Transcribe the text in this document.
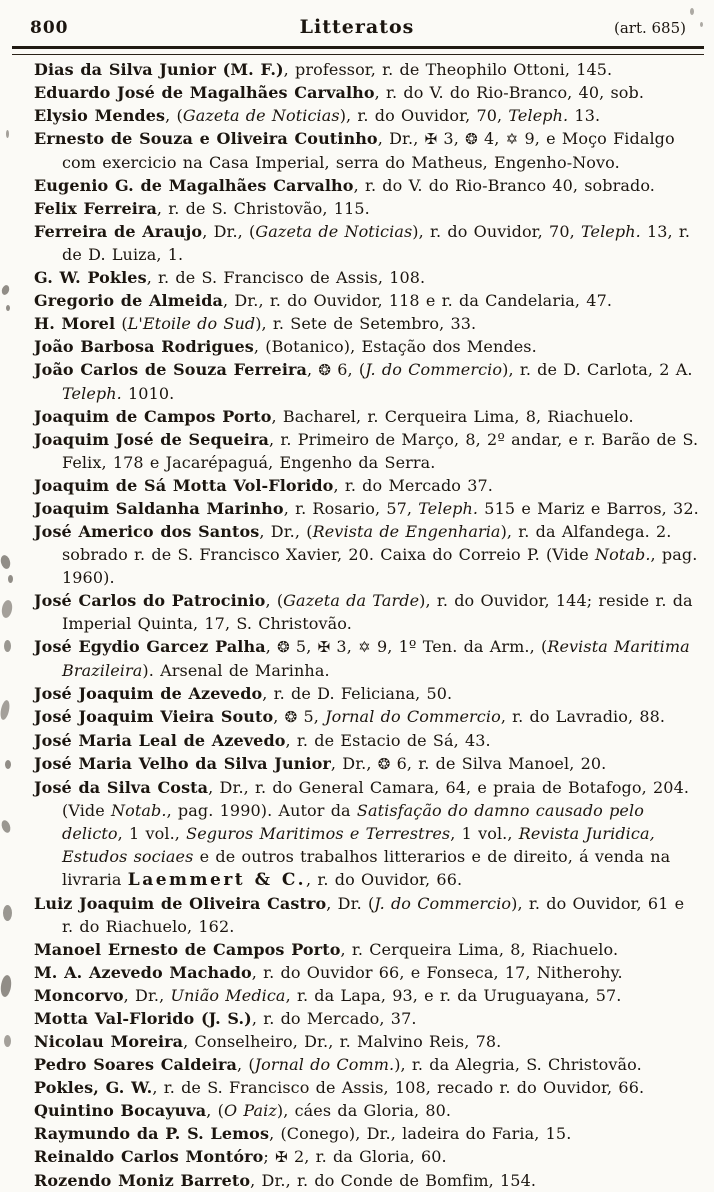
800	Litteratos	(art. 685)

Dias da Silva Junior (M. F.), professor, r. de Theophilo Ottoni, 145.

Eduardo José de Magalhães Carvalho, r. do V. do Rio-Branco, 40, sob.

Elysio Mendes, (Gazeta de Noticias), r. do Ouvidor, 70, Teleph. 13.

Ernesto de Souza e Oliveira Coutinho, Dr., ✠ 3, ❂ 4, ✡ 9, e Moço Fidalgo com exercicio na Casa Imperial, serra do Matheus, Engenho-Novo.

Eugenio G. de Magalhães Carvalho, r. do V. do Rio-Branco 40, sobrado.

Felix Ferreira, r. de S. Christovão, 115.

Ferreira de Araujo, Dr., (Gazeta de Noticias), r. do Ouvidor, 70, Teleph. 13, r. de D. Luiza, 1.

G. W. Pokles, r. de S. Francisco de Assis, 108.

Gregorio de Almeida, Dr., r. do Ouvidor, 118 e r. da Candelaria, 47.

H. Morel (L'Etoile do Sud), r. Sete de Setembro, 33.

João Barbosa Rodrigues, (Botanico), Estação dos Mendes.

João Carlos de Souza Ferreira, ❂ 6, (J. do Commercio), r. de D. Carlota, 2 A. Teleph. 1010.

Joaquim de Campos Porto, Bacharel, r. Cerqueira Lima, 8, Riachuelo.

Joaquim José de Sequeira, r. Primeiro de Março, 8, 2º andar, e r. Barão de S. Felix, 178 e Jacarépaguá, Engenho da Serra.

Joaquim de Sá Motta Vol-Florido, r. do Mercado 37.

Joaquim Saldanha Marinho, r. Rosario, 57, Teleph. 515 e Mariz e Barros, 32.

José Americo dos Santos, Dr., (Revista de Engenharia), r. da Alfandega. 2. sobrado r. de S. Francisco Xavier, 20. Caixa do Correio P. (Vide Notab., pag. 1960).

José Carlos do Patrocinio, (Gazeta da Tarde), r. do Ouvidor, 144; reside r. da Imperial Quinta, 17, S. Christovão.

José Egydio Garcez Palha, ❂ 5, ✠ 3, ✡ 9, 1º Ten. da Arm., (Revista Maritima Brazileira). Arsenal de Marinha.

José Joaquim de Azevedo, r. de D. Feliciana, 50.

José Joaquim Vieira Souto, ❂ 5, Jornal do Commercio, r. do Lavradio, 88.

José Maria Leal de Azevedo, r. de Estacio de Sá, 43.

José Maria Velho da Silva Junior, Dr., ❂ 6, r. de Silva Manoel, 20.

José da Silva Costa, Dr., r. do General Camara, 64, e praia de Botafogo, 204. (Vide Notab., pag. 1990). Autor da Satisfação do damno causado pelo delicto, 1 vol., Seguros Maritimos e Terrestres, 1 vol., Revista Juridica, Estudos sociaes e de outros trabalhos litterarios e de direito, á venda na livraria Laemmert & C., r. do Ouvidor, 66.

Luiz Joaquim de Oliveira Castro, Dr. (J. do Commercio), r. do Ouvidor, 61 e r. do Riachuelo, 162.

Manoel Ernesto de Campos Porto, r. Cerqueira Lima, 8, Riachuelo.

M. A. Azevedo Machado, r. do Ouvidor 66, e Fonseca, 17, Nitherohy.

Moncorvo, Dr., União Medica, r. da Lapa, 93, e r. da Uruguayana, 57.

Motta Val-Florido (J. S.), r. do Mercado, 37.

Nicolau Moreira, Conselheiro, Dr., r. Malvino Reis, 78.

Pedro Soares Caldeira, (Jornal do Comm.), r. da Alegria, S. Christovão.

Pokles, G. W., r. de S. Francisco de Assis, 108, recado r. do Ouvidor, 66.

Quintino Bocayuva, (O Paiz), cáes da Gloria, 80.

Raymundo da P. S. Lemos, (Conego), Dr., ladeira do Faria, 15.

Reinaldo Carlos Montóro; ✠ 2, r. da Gloria, 60.

Rozendo Moniz Barreto, Dr., r. do Conde de Bomfim, 154.
